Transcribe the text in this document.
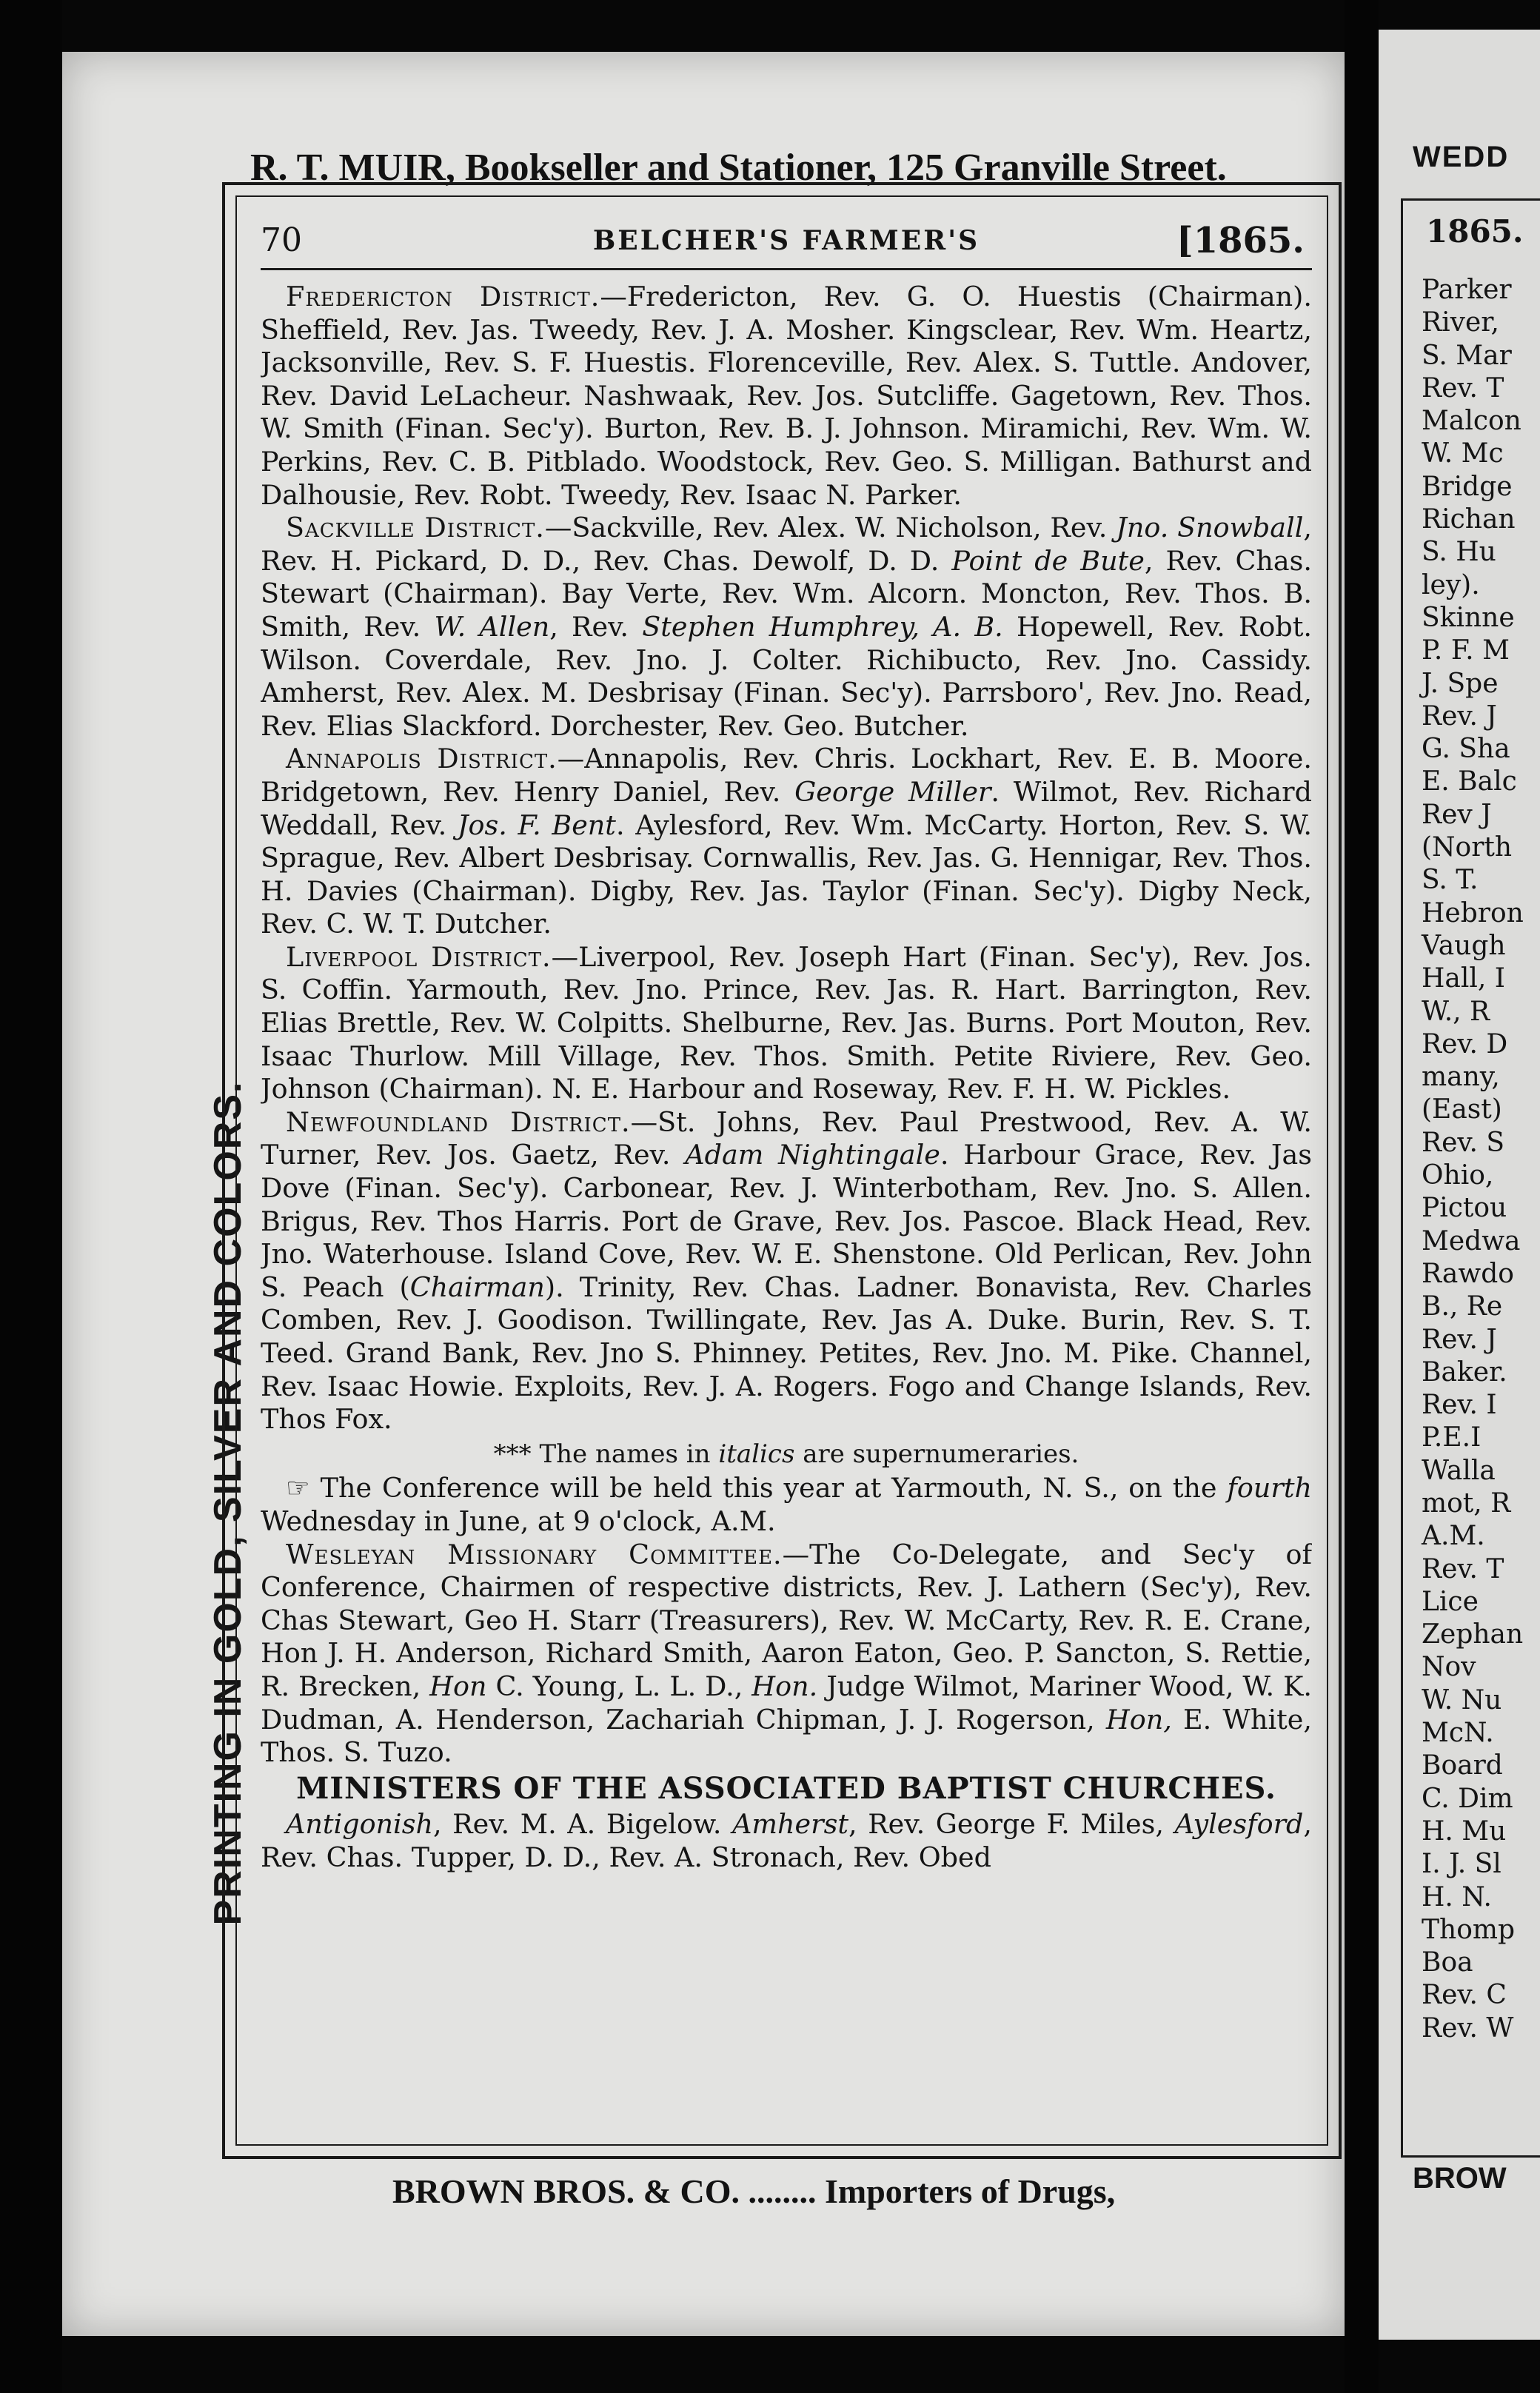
R. T. MUIR, Bookseller and Stationer, 125 Granville Street.
PRINTING IN GOLD, SILVER AND COLORS.
70	BELCHER'S FARMER'S	[1865.

Fredericton District.—Fredericton, Rev. G. O. Huestis (Chairman). Sheffield, Rev. Jas. Tweedy, Rev. J. A. Mosher. Kingsclear, Rev. Wm. Heartz, Jacksonville, Rev. S. F. Huestis. Florenceville, Rev. Alex. S. Tuttle. Andover, Rev. David LeLacheur. Nashwaak, Rev. Jos. Sutcliffe. Gagetown, Rev. Thos. W. Smith (Finan. Sec'y). Burton, Rev. B. J. Johnson. Miramichi, Rev. Wm. W. Perkins, Rev. C. B. Pitblado. Woodstock, Rev. Geo. S. Milligan. Bathurst and Dalhousie, Rev. Robt. Tweedy, Rev. Isaac N. Parker.

Sackville District.—Sackville, Rev. Alex. W. Nicholson, Rev. Jno. Snowball, Rev. H. Pickard, D. D., Rev. Chas. Dewolf, D. D. Point de Bute, Rev. Chas. Stewart (Chairman). Bay Verte, Rev. Wm. Alcorn. Moncton, Rev. Thos. B. Smith, Rev. W. Allen, Rev. Stephen Humphrey, A. B. Hopewell, Rev. Robt. Wilson. Coverdale, Rev. Jno. J. Colter. Richibucto, Rev. Jno. Cassidy. Amherst, Rev. Alex. M. Desbrisay (Finan. Sec'y). Parrsboro', Rev. Jno. Read, Rev. Elias Slackford. Dorchester, Rev. Geo. Butcher.

Annapolis District.—Annapolis, Rev. Chris. Lockhart, Rev. E. B. Moore. Bridgetown, Rev. Henry Daniel, Rev. George Miller. Wilmot, Rev. Richard Weddall, Rev. Jos. F. Bent. Aylesford, Rev. Wm. McCarty. Horton, Rev. S. W. Sprague, Rev. Albert Desbrisay. Cornwallis, Rev. Jas. G. Hennigar, Rev. Thos. H. Davies (Chairman). Digby, Rev. Jas. Taylor (Finan. Sec'y). Digby Neck, Rev. C. W. T. Dutcher.

Liverpool District.—Liverpool, Rev. Joseph Hart (Finan. Sec'y), Rev. Jos. S. Coffin. Yarmouth, Rev. Jno. Prince, Rev. Jas. R. Hart. Barrington, Rev. Elias Brettle, Rev. W. Colpitts. Shelburne, Rev. Jas. Burns. Port Mouton, Rev. Isaac Thurlow. Mill Village, Rev. Thos. Smith. Petite Riviere, Rev. Geo. Johnson (Chairman). N. E. Harbour and Roseway, Rev. F. H. W. Pickles.

Newfoundland District.—St. Johns, Rev. Paul Prestwood, Rev. A. W. Turner, Rev. Jos. Gaetz, Rev. Adam Nightingale. Harbour Grace, Rev. Jas Dove (Finan. Sec'y). Carbonear, Rev. J. Winterbotham, Rev. Jno. S. Allen. Brigus, Rev. Thos Harris. Port de Grave, Rev. Jos. Pascoe. Black Head, Rev. Jno. Waterhouse. Island Cove, Rev. W. E. Shenstone. Old Perlican, Rev. John S. Peach (Chairman). Trinity, Rev. Chas. Ladner. Bonavista, Rev. Charles Comben, Rev. J. Goodison. Twillingate, Rev. Jas A. Duke. Burin, Rev. S. T. Teed. Grand Bank, Rev. Jno S. Phinney. Petites, Rev. Jno. M. Pike. Channel, Rev. Isaac Howie. Exploits, Rev. J. A. Rogers. Fogo and Change Islands, Rev. Thos Fox.

*** The names in italics are supernumeraries.

☞ The Conference will be held this year at Yarmouth, N. S., on the fourth Wednesday in June, at 9 o'clock, A.M.

Wesleyan Missionary Committee.—The Co-Delegate, and Sec'y of Conference, Chairmen of respective districts, Rev. J. Lathern (Sec'y), Rev. Chas Stewart, Geo H. Starr (Treasurers), Rev. W. McCarty, Rev. R. E. Crane, Hon J. H. Anderson, Richard Smith, Aaron Eaton, Geo. P. Sancton, S. Rettie, R. Brecken, Hon C. Young, L. L. D., Hon. Judge Wilmot, Mariner Wood, W. K. Dudman, A. Henderson, Zachariah Chipman, J. J. Rogerson, Hon, E. White, Thos. S. Tuzo.

MINISTERS OF THE ASSOCIATED BAPTIST CHURCHES.

Antigonish, Rev. M. A. Bigelow. Amherst, Rev. George F. Miles, Aylesford, Rev. Chas. Tupper, D. D., Rev. A. Stronach, Rev. Obed

BROWN BROS. & CO. ........ Importers of Drugs,
WEDD
1865.
Parker
River,
S. Mar
Rev. T
Malcon
W. Mc
Bridge
Richan
S. Hu
ley).
Skinne
P. F. M
J. Spe
Rev. J
G. Sha
E. Balc
Rev J
(North
S. T.
Hebron
Vaugh
Hall, I
W., R
Rev. D
many,
(East)
Rev. S
Ohio,
Pictou
Medwa
Rawdo
B., Re
Rev. J
Baker.
Rev. I
P.E.I
Walla
mot, R
A.M.
Rev. T
Lice
Zephan
Nov
W. Nu
McN.
Board
C. Dim
H. Mu
I. J. Sl
H. N.
Thomp
Boa
Rev. C
Rev. W
BROW
